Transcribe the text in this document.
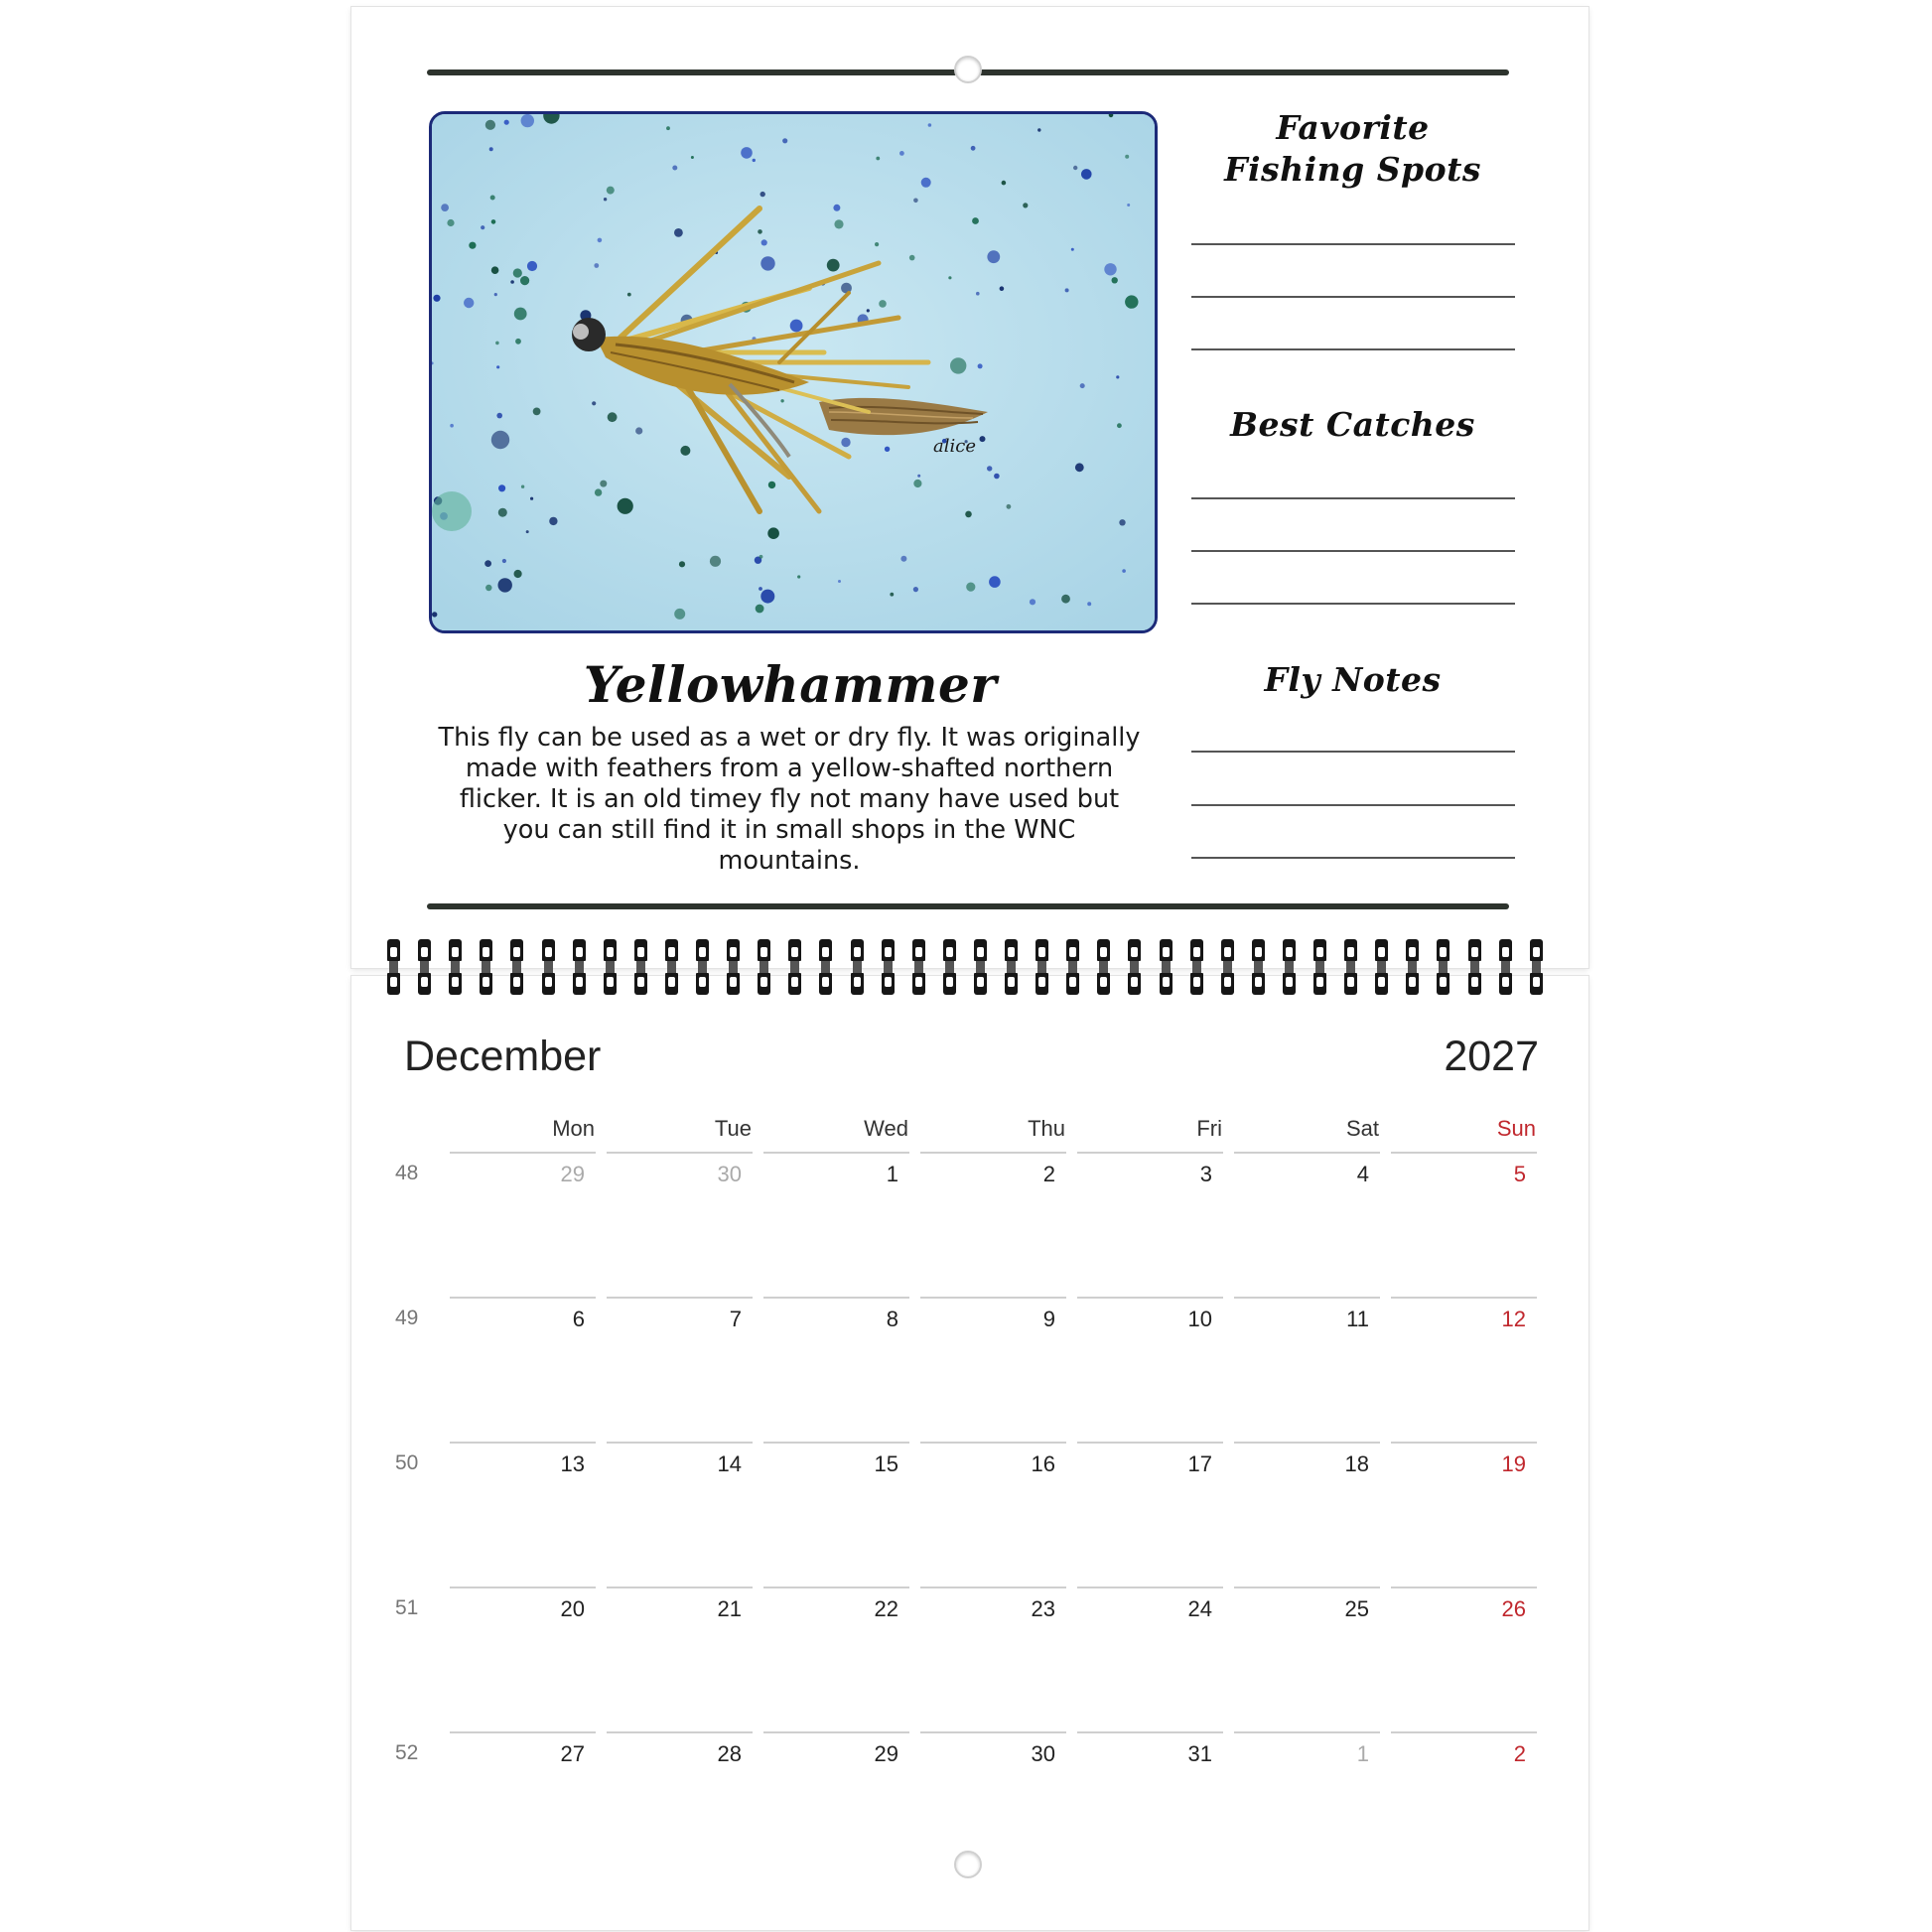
alice
Yellowhammer
This fly can be used as a wet or dry fly. It was originally made with feathers from a yellow-shafted northern flicker. It is an old timey fly not many have used but you can still find it in small shops in the WNC mountains.
Favorite
Fishing Spots
Best Catches
Fly Notes
December	2027
Mon	Tue	Wed	Thu	Fri	Sat	Sun
48	29	30	1	2	3	4	5
49	6	7	8	9	10	11	12
50	13	14	15	16	17	18	19
51	20	21	22	23	24	25	26
52	27	28	29	30	31	1	2
